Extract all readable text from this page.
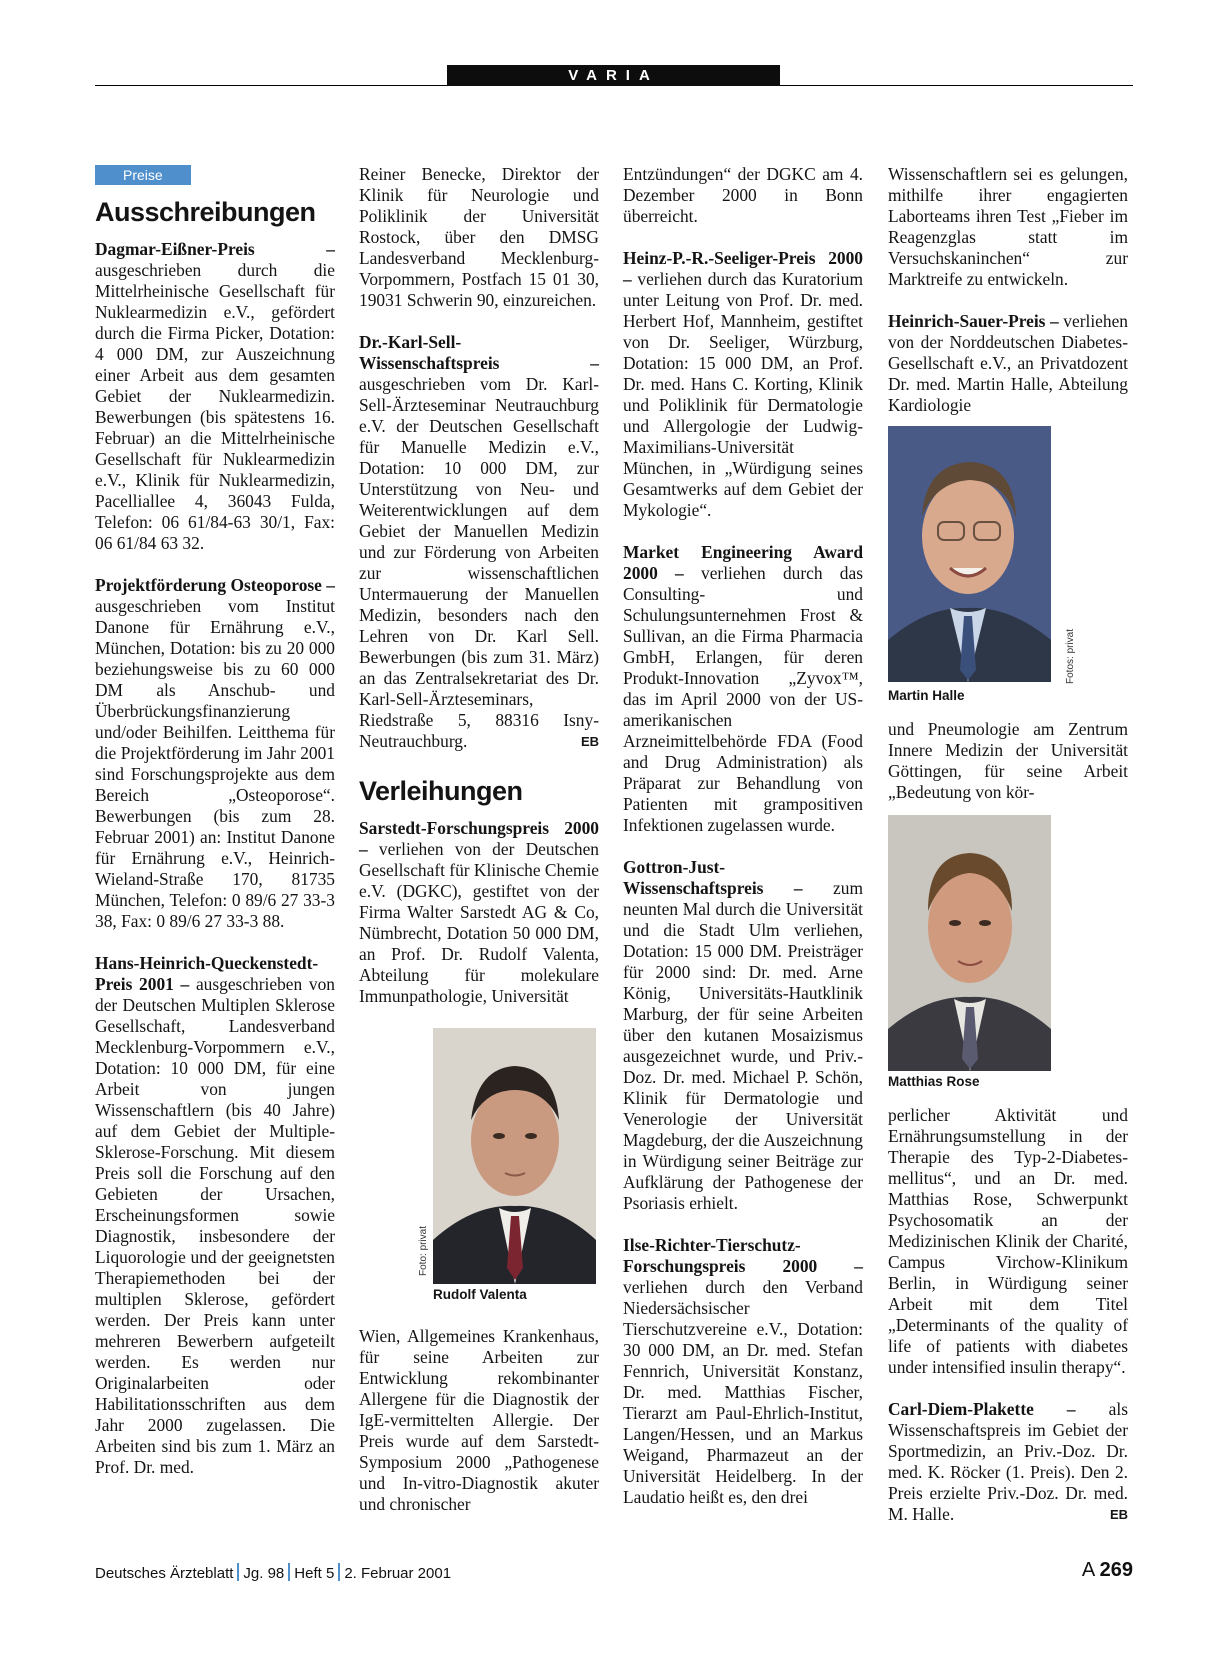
VARIA
Preise
Ausschreibungen

Dagmar-Eißner-Preis – ausgeschrieben durch die Mittelrheinische Gesellschaft für Nuklearmedizin e.V., gefördert durch die Firma Picker, Dotation: 4 000 DM, zur Auszeichnung einer Arbeit aus dem gesamten Gebiet der Nuklearmedizin. Bewerbungen (bis spätestens 16. Februar) an die Mittelrheinische Gesellschaft für Nuklearmedizin e.V., Klinik für Nuklearmedizin, Pacelliallee 4, 36043 Fulda, Telefon: 06 61/84-63 30/1, Fax: 06 61/84 63 32.

Projektförderung Osteoporose – ausgeschrieben vom Institut Danone für Ernährung e.V., München, Dotation: bis zu 20 000 beziehungsweise bis zu 60 000 DM als Anschub- und Überbrückungsfinanzierung und/oder Beihilfen. Leitthema für die Projektförderung im Jahr 2001 sind Forschungsprojekte aus dem Bereich „Osteoporose“. Bewerbungen (bis zum 28. Februar 2001) an: Institut Danone für Ernährung e.V., Heinrich-Wieland-Straße 170, 81735 München, Telefon: 0 89/6 27 33-3 38, Fax: 0 89/6 27 33-3 88.

Hans-Heinrich-Queckenstedt-Preis 2001 – ausgeschrieben von der Deutschen Multiplen Sklerose Gesellschaft, Landesverband Mecklenburg-Vorpommern e.V., Dotation: 10 000 DM, für eine Arbeit von jungen Wissenschaftlern (bis 40 Jahre) auf dem Gebiet der Multiple-Sklerose-Forschung. Mit diesem Preis soll die Forschung auf den Gebieten der Ursachen, Erscheinungsformen sowie Diagnostik, insbesondere der Liquorologie und der geeignetsten Therapiemethoden bei der multiplen Sklerose, gefördert werden. Der Preis kann unter mehreren Bewerbern aufgeteilt werden. Es werden nur Originalarbeiten oder Habilitationsschriften aus dem Jahr 2000 zugelassen. Die Arbeiten sind bis zum 1. März an Prof. Dr. med.

Reiner Benecke, Direktor der Klinik für Neurologie und Poliklinik der Universität Rostock, über den DMSG Landesverband Mecklenburg-Vorpommern, Postfach 15 01 30, 19031 Schwerin 90, einzureichen.

Dr.-Karl-Sell-Wissenschaftspreis – ausgeschrieben vom Dr. Karl-Sell-Ärzteseminar Neutrauchburg e.V. der Deutschen Gesellschaft für Manuelle Medizin e.V., Dotation: 10 000 DM, zur Unterstützung von Neu- und Weiterentwicklungen auf dem Gebiet der Manuellen Medizin und zur Förderung von Arbeiten zur wissenschaftlichen Untermauerung der Manuellen Medizin, besonders nach den Lehren von Dr. Karl Sell. Bewerbungen (bis zum 31. März) an das Zentralsekretariat des Dr. Karl-Sell-Ärzteseminars, Riedstraße 5, 88316 Isny-Neutrauchburg.	EB

Verleihungen

Sarstedt-Forschungspreis 2000 – verliehen von der Deutschen Gesellschaft für Klinische Chemie e.V. (DGKC), gestiftet von der Firma Walter Sarstedt AG & Co, Nümbrecht, Dotation 50 000 DM, an Prof. Dr. Rudolf Valenta, Abteilung für molekulare Immunpathologie, Universität

Foto: privat
Rudolf Valenta

Wien, Allgemeines Krankenhaus, für seine Arbeiten zur Entwicklung rekombinanter Allergene für die Diagnostik der IgE-vermittelten Allergie. Der Preis wurde auf dem Sarstedt-Symposium 2000 „Pathogenese und In-vitro-Diagnostik akuter und chronischer

Entzündungen“ der DGKC am 4. Dezember 2000 in Bonn überreicht.

Heinz-P.-R.-Seeliger-Preis 2000 – verliehen durch das Kuratorium unter Leitung von Prof. Dr. med. Herbert Hof, Mannheim, gestiftet von Dr. Seeliger, Würzburg, Dotation: 15 000 DM, an Prof. Dr. med. Hans C. Korting, Klinik und Poliklinik für Dermatologie und Allergologie der Ludwig-Maximilians-Universität München, in „Würdigung seines Gesamtwerks auf dem Gebiet der Mykologie“.

Market Engineering Award 2000 – verliehen durch das Consulting- und Schulungsunternehmen Frost & Sullivan, an die Firma Pharmacia GmbH, Erlangen, für deren Produkt-Innovation „Zyvox™, das im April 2000 von der US-amerikanischen Arzneimittelbehörde FDA (Food and Drug Administration) als Präparat zur Behandlung von Patienten mit grampositiven Infektionen zugelassen wurde.

Gottron-Just-Wissenschaftspreis – zum neunten Mal durch die Universität und die Stadt Ulm verliehen, Dotation: 15 000 DM. Preisträger für 2000 sind: Dr. med. Arne König, Universitäts-Hautklinik Marburg, der für seine Arbeiten über den kutanen Mosaizismus ausgezeichnet wurde, und Priv.-Doz. Dr. med. Michael P. Schön, Klinik für Dermatologie und Venerologie der Universität Magdeburg, der die Auszeichnung in Würdigung seiner Beiträge zur Aufklärung der Pathogenese der Psoriasis erhielt.

Ilse-Richter-Tierschutz-Forschungspreis 2000 – verliehen durch den Verband Niedersächsischer Tierschutzvereine e.V., Dotation: 30 000 DM, an Dr. med. Stefan Fennrich, Universität Konstanz, Dr. med. Matthias Fischer, Tierarzt am Paul-Ehrlich-Institut, Langen/Hessen, und an Markus Weigand, Pharmazeut an der Universität Heidelberg. In der Laudatio heißt es, den drei

Wissenschaftlern sei es gelungen, mithilfe ihrer engagierten Laborteams ihren Test „Fieber im Reagenzglas statt im Versuchskaninchen“ zur Marktreife zu entwickeln.

Heinrich-Sauer-Preis – verliehen von der Norddeutschen Diabetes-Gesellschaft e.V., an Privatdozent Dr. med. Martin Halle, Abteilung Kardiologie

Fotos: privat
Martin Halle

und Pneumologie am Zentrum Innere Medizin der Universität Göttingen, für seine Arbeit „Bedeutung von kör-

Matthias Rose

perlicher Aktivität und Ernährungsumstellung in der Therapie des Typ-2-Diabetes-mellitus“, und an Dr. med. Matthias Rose, Schwerpunkt Psychosomatik an der Medizinischen Klinik der Charité, Campus Virchow-Klinikum Berlin, in Würdigung seiner Arbeit mit dem Titel „Determinants of the quality of life of patients with diabetes under intensified insulin therapy“.

Carl-Diem-Plakette – als Wissenschaftspreis im Gebiet der Sportmedizin, an Priv.-Doz. Dr. med. K. Röcker (1. Preis). Den 2. Preis erzielte Priv.-Doz. Dr. med. M. Halle.	EB

Deutsches Ärzteblatt Jg. 98 Heft 5 2. Februar 2001	A 269
